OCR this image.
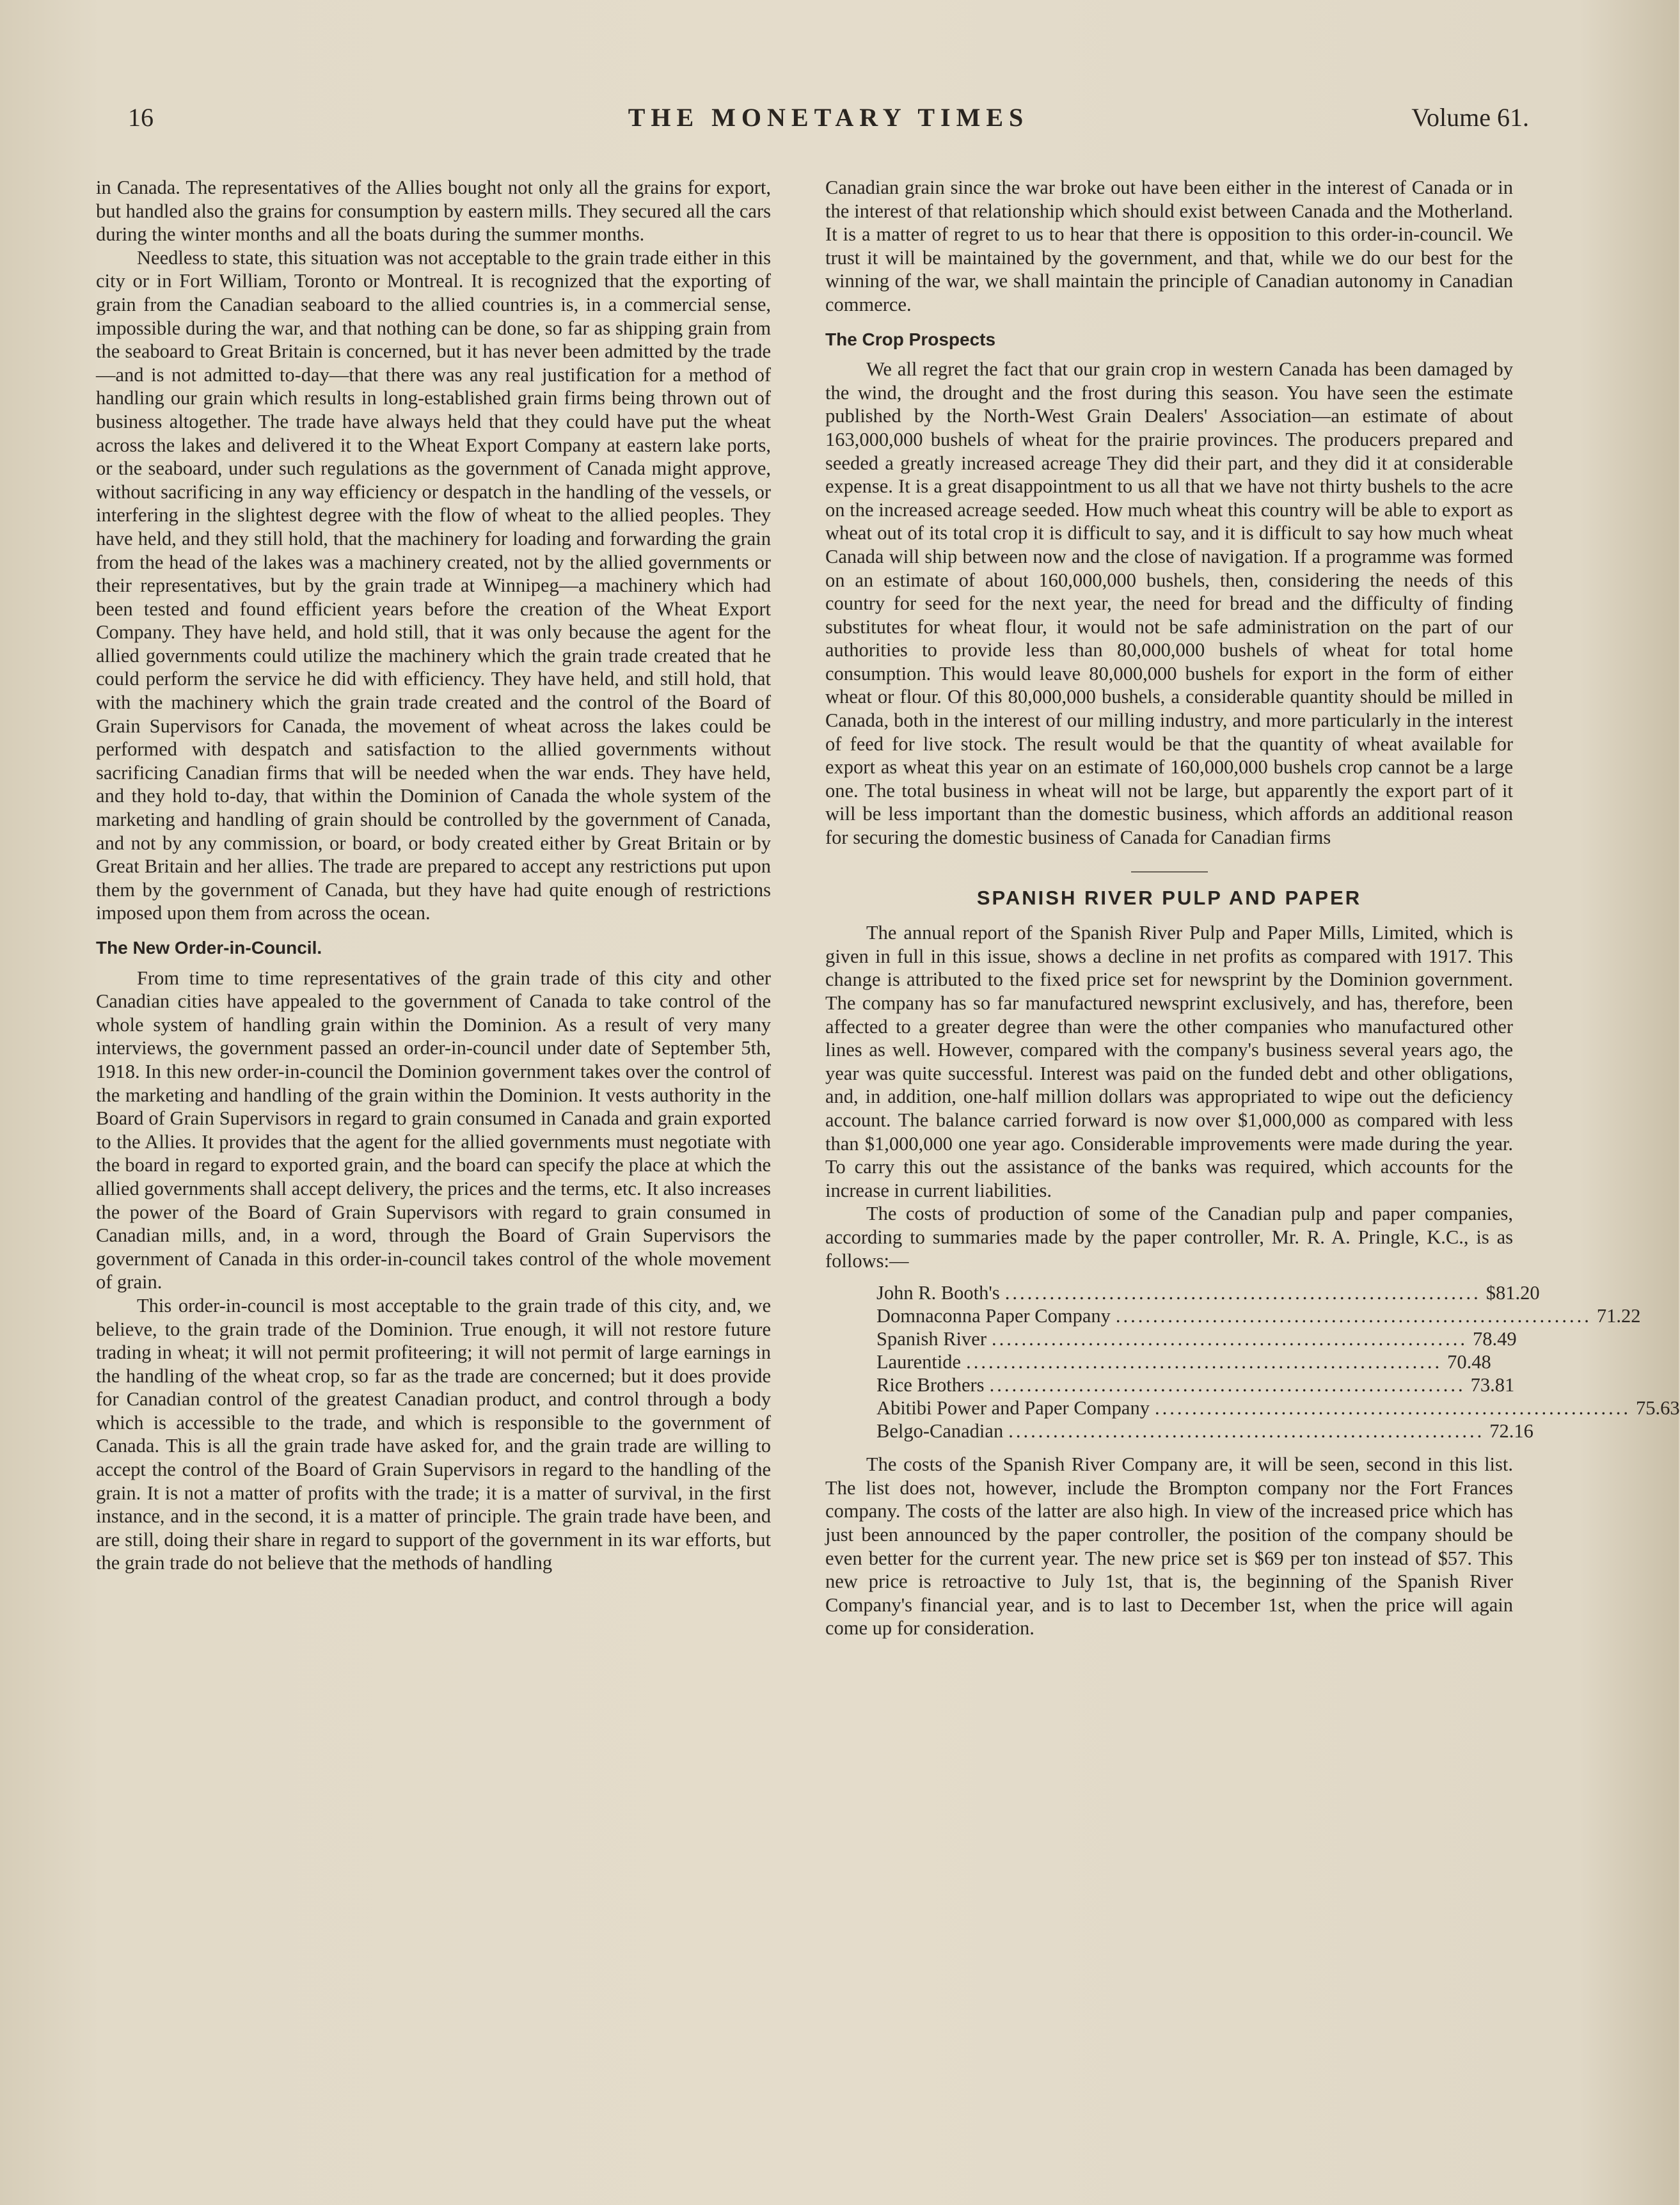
16	THE MONETARY TIMES	Volume 61.

in Canada. The representatives of the Allies bought not only all the grains for export, but handled also the grains for consumption by eastern mills. They secured all the cars during the winter months and all the boats during the summer months.

Needless to state, this situation was not acceptable to the grain trade either in this city or in Fort William, Toronto or Montreal. It is recognized that the exporting of grain from the Canadian seaboard to the allied countries is, in a commercial sense, impossible during the war, and that nothing can be done, so far as shipping grain from the seaboard to Great Britain is concerned, but it has never been admitted by the trade—and is not admitted to-day—that there was any real justification for a method of handling our grain which results in long-established grain firms being thrown out of business altogether. The trade have always held that they could have put the wheat across the lakes and delivered it to the Wheat Export Company at eastern lake ports, or the seaboard, under such regulations as the government of Canada might approve, without sacrificing in any way efficiency or despatch in the handling of the vessels, or interfering in the slightest degree with the flow of wheat to the allied peoples. They have held, and they still hold, that the machinery for loading and forwarding the grain from the head of the lakes was a machinery created, not by the allied governments or their representatives, but by the grain trade at Winnipeg—a machinery which had been tested and found efficient years before the creation of the Wheat Export Company. They have held, and hold still, that it was only because the agent for the allied governments could utilize the machinery which the grain trade created that he could perform the service he did with efficiency. They have held, and still hold, that with the machinery which the grain trade created and the control of the Board of Grain Supervisors for Canada, the movement of wheat across the lakes could be performed with despatch and satisfaction to the allied governments without sacrificing Canadian firms that will be needed when the war ends. They have held, and they hold to-day, that within the Dominion of Canada the whole system of the marketing and handling of grain should be controlled by the government of Canada, and not by any commission, or board, or body created either by Great Britain or by Great Britain and her allies. The trade are prepared to accept any restrictions put upon them by the government of Canada, but they have had quite enough of restrictions imposed upon them from across the ocean.

The New Order-in-Council.

From time to time representatives of the grain trade of this city and other Canadian cities have appealed to the government of Canada to take control of the whole system of handling grain within the Dominion. As a result of very many interviews, the government passed an order-in-council under date of September 5th, 1918. In this new order-in-council the Dominion government takes over the control of the marketing and handling of the grain within the Dominion. It vests authority in the Board of Grain Supervisors in regard to grain consumed in Canada and grain exported to the Allies. It provides that the agent for the allied governments must negotiate with the board in regard to exported grain, and the board can specify the place at which the allied governments shall accept delivery, the prices and the terms, etc. It also increases the power of the Board of Grain Supervisors with regard to grain consumed in Canadian mills, and, in a word, through the Board of Grain Supervisors the government of Canada in this order-in-council takes control of the whole movement of grain.

This order-in-council is most acceptable to the grain trade of this city, and, we believe, to the grain trade of the Dominion. True enough, it will not restore future trading in wheat; it will not permit profiteering; it will not permit of large earnings in the handling of the wheat crop, so far as the trade are concerned; but it does provide for Canadian control of the greatest Canadian product, and control through a body which is accessible to the trade, and which is responsible to the government of Canada. This is all the grain trade have asked for, and the grain trade are willing to accept the control of the Board of Grain Supervisors in regard to the handling of the grain. It is not a matter of profits with the trade; it is a matter of survival, in the first instance, and in the second, it is a matter of principle. The grain trade have been, and are still, doing their share in regard to support of the government in its war efforts, but the grain trade do not believe that the methods of handling

Canadian grain since the war broke out have been either in the interest of Canada or in the interest of that relationship which should exist between Canada and the Motherland. It is a matter of regret to us to hear that there is opposition to this order-in-council. We trust it will be maintained by the government, and that, while we do our best for the winning of the war, we shall maintain the principle of Canadian autonomy in Canadian commerce.

The Crop Prospects

We all regret the fact that our grain crop in western Canada has been damaged by the wind, the drought and the frost during this season. You have seen the estimate published by the North-West Grain Dealers' Association—an estimate of about 163,000,000 bushels of wheat for the prairie provinces. The producers prepared and seeded a greatly increased acreage They did their part, and they did it at considerable expense. It is a great disappointment to us all that we have not thirty bushels to the acre on the increased acreage seeded. How much wheat this country will be able to export as wheat out of its total crop it is difficult to say, and it is difficult to say how much wheat Canada will ship between now and the close of navigation. If a programme was formed on an estimate of about 160,000,000 bushels, then, considering the needs of this country for seed for the next year, the need for bread and the difficulty of finding substitutes for wheat flour, it would not be safe administration on the part of our authorities to provide less than 80,000,000 bushels of wheat for total home consumption. This would leave 80,000,000 bushels for export in the form of either wheat or flour. Of this 80,000,000 bushels, a considerable quantity should be milled in Canada, both in the interest of our milling industry, and more particularly in the interest of feed for live stock. The result would be that the quantity of wheat available for export as wheat this year on an estimate of 160,000,000 bushels crop cannot be a large one. The total business in wheat will not be large, but apparently the export part of it will be less important than the domestic business, which affords an additional reason for securing the domestic business of Canada for Canadian firms

SPANISH RIVER PULP AND PAPER

The annual report of the Spanish River Pulp and Paper Mills, Limited, which is given in full in this issue, shows a decline in net profits as compared with 1917. This change is attributed to the fixed price set for newsprint by the Dominion government. The company has so far manufactured newsprint exclusively, and has, therefore, been affected to a greater degree than were the other companies who manufactured other lines as well. However, compared with the company's business several years ago, the year was quite successful. Interest was paid on the funded debt and other obligations, and, in addition, one-half million dollars was appropriated to wipe out the deficiency account. The balance carried forward is now over $1,000,000 as compared with less than $1,000,000 one year ago. Considerable improvements were made during the year. To carry this out the assistance of the banks was required, which accounts for the increase in current liabilities.

The costs of production of some of the Canadian pulp and paper companies, according to summaries made by the paper controller, Mr. R. A. Pringle, K.C., is as follows:—

John R. Booth's ................................................................ $81.20
Domnaconna Paper Company ................................................................ 71.22
Spanish River ................................................................ 78.49
Laurentide ................................................................ 70.48
Rice Brothers ................................................................ 73.81
Abitibi Power and Paper Company ................................................................ 75.63
Belgo-Canadian ................................................................ 72.16

The costs of the Spanish River Company are, it will be seen, second in this list. The list does not, however, include the Brompton company nor the Fort Frances company. The costs of the latter are also high. In view of the increased price which has just been announced by the paper controller, the position of the company should be even better for the current year. The new price set is $69 per ton instead of $57. This new price is retroactive to July 1st, that is, the beginning of the Spanish River Company's financial year, and is to last to December 1st, when the price will again come up for consideration.
